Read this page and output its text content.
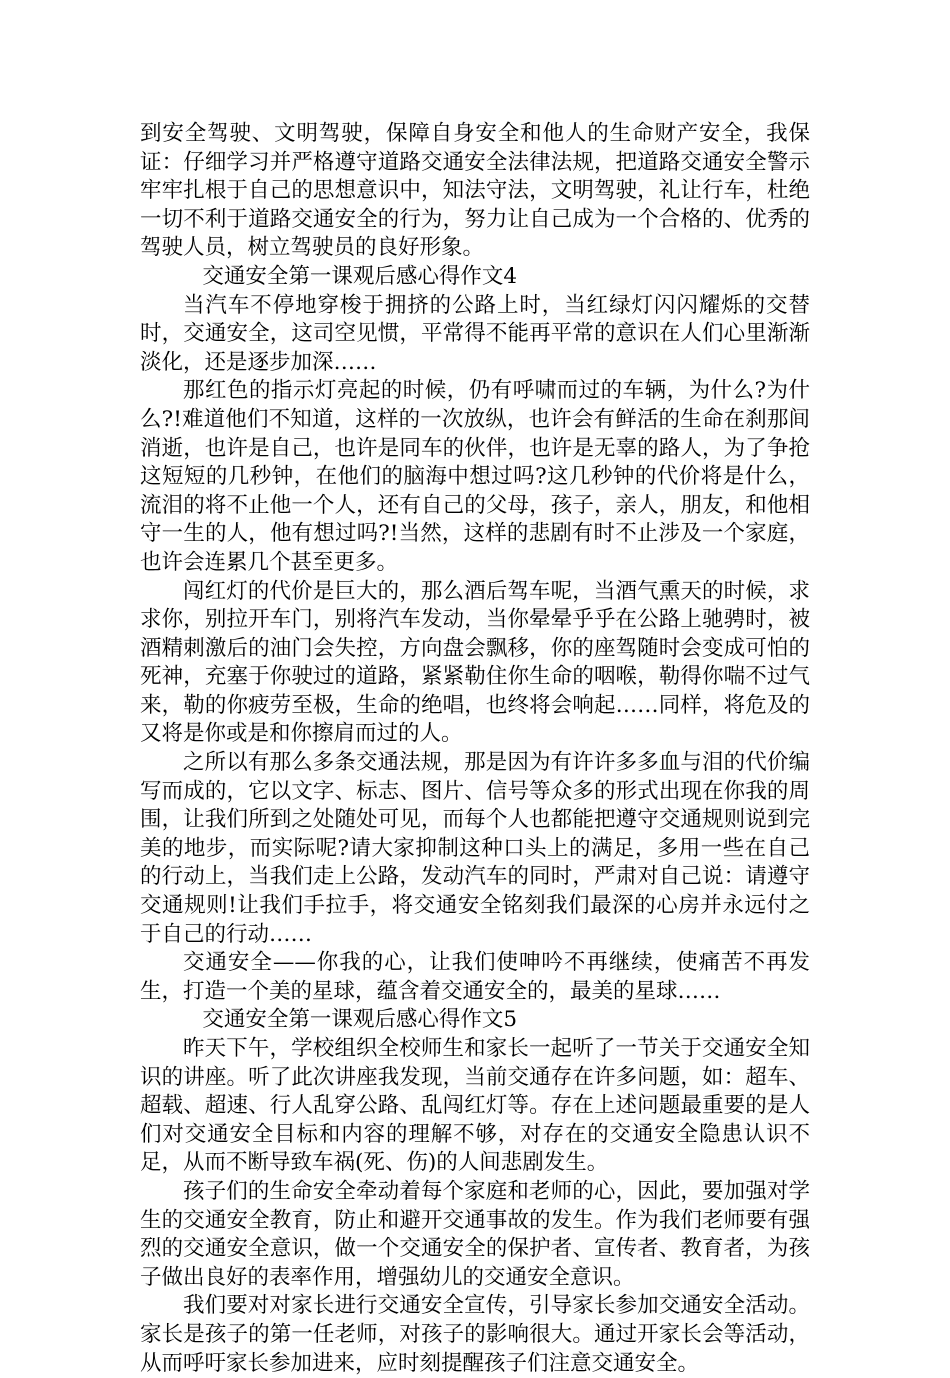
到安全驾驶、文明驾驶，保障自身安全和他人的生命财产安全，我保证：仔细学习并严格遵守道路交通安全法律法规，把道路交通安全警示牢牢扎根于自己的思想意识中，知法守法，文明驾驶，礼让行车，杜绝一切不利于道路交通安全的行为，努力让自己成为一个合格的、优秀的驾驶人员，树立驾驶员的良好形象。

交通安全第一课观后感心得作文4

当汽车不停地穿梭于拥挤的公路上时，当红绿灯闪闪耀烁的交替时，交通安全，这司空见惯，平常得不能再平常的意识在人们心里渐渐淡化，还是逐步加深……

那红色的指示灯亮起的时候，仍有呼啸而过的车辆，为什么?为什么?!难道他们不知道，这样的一次放纵，也许会有鲜活的生命在刹那间消逝，也许是自己，也许是同车的伙伴，也许是无辜的路人，为了争抢这短短的几秒钟，在他们的脑海中想过吗?这几秒钟的代价将是什么，流泪的将不止他一个人，还有自己的父母，孩子，亲人，朋友，和他相守一生的人，他有想过吗?!当然，这样的悲剧有时不止涉及一个家庭，也许会连累几个甚至更多。

闯红灯的代价是巨大的，那么酒后驾车呢，当酒气熏天的时候，求求你，别拉开车门，别将汽车发动，当你晕晕乎乎在公路上驰骋时，被酒精刺激后的油门会失控，方向盘会飘移，你的座驾随时会变成可怕的死神，充塞于你驶过的道路，紧紧勒住你生命的咽喉，勒得你喘不过气来，勒的你疲劳至极，生命的绝唱，也终将会响起……同样，将危及的又将是你或是和你擦肩而过的人。

之所以有那么多条交通法规，那是因为有许许多多血与泪的代价编写而成的，它以文字、标志、图片、信号等众多的形式出现在你我的周围，让我们所到之处随处可见，而每个人也都能把遵守交通规则说到完美的地步，而实际呢?请大家抑制这种口头上的满足，多用一些在自己的行动上，当我们走上公路，发动汽车的同时，严肃对自己说：请遵守交通规则!让我们手拉手，将交通安全铭刻我们最深的心房并永远付之于自己的行动……

交通安全——你我的心，让我们使呻吟不再继续，使痛苦不再发生，打造一个美的星球，蕴含着交通安全的，最美的星球……

交通安全第一课观后感心得作文5

昨天下午，学校组织全校师生和家长一起听了一节关于交通安全知识的讲座。听了此次讲座我发现，当前交通存在许多问题，如：超车、超载、超速、行人乱穿公路、乱闯红灯等。存在上述问题最重要的是人们对交通安全目标和内容的理解不够，对存在的交通安全隐患认识不足，从而不断导致车祸(死、伤)的人间悲剧发生。

孩子们的生命安全牵动着每个家庭和老师的心，因此，要加强对学生的交通安全教育，防止和避开交通事故的发生。作为我们老师要有强烈的交通安全意识，做一个交通安全的保护者、宣传者、教育者，为孩子做出良好的表率作用，增强幼儿的交通安全意识。

我们要对对家长进行交通安全宣传，引导家长参加交通安全活动。家长是孩子的第一任老师，对孩子的影响很大。通过开家长会等活动，从而呼吁家长参加进来，应时刻提醒孩子们注意交通安全。
